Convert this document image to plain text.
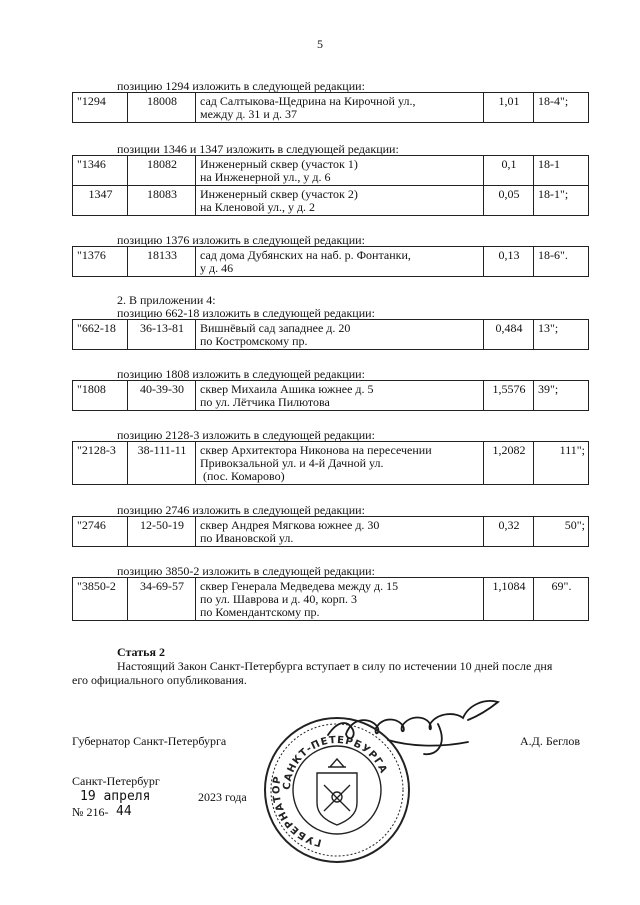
5
позицию 1294 изложить в следующей редакции:
"1294	18008	сад Салтыкова-Щедрина на Кирочной ул.,
между д. 31 и д. 37	1,01	18-4";
позиции 1346 и 1347 изложить в следующей редакции:
"1346	18082	Инженерный сквер (участок 1)
на Инженерной ул., у д. 6	0,1	18-1
1347	18083	Инженерный сквер (участок 2)
на Кленовой ул., у д. 2	0,05	18-1";
позицию 1376 изложить в следующей редакции:
"1376	18133	сад дома Дубянских на наб. р. Фонтанки,
у д. 46	0,13	18-6".
2. В приложении 4:
позицию 662-18 изложить в следующей редакции:
"662-18	36-13-81	Вишнёвый сад западнее д. 20
по Костромскому пр.	0,484	13";
позицию 1808 изложить в следующей редакции:
"1808	40-39-30	сквер Михаила Ашика южнее д. 5
по ул. Лётчика Пилютова	1,5576	39";
позицию 2128-3 изложить в следующей редакции:
"2128-3	38-111-11	сквер Архитектора Никонова на пересечении
Привокзальной ул. и 4-й Дачной ул.
(пос. Комарово)	1,2082	111";
позицию 2746 изложить в следующей редакции:
"2746	12-50-19	сквер Андрея Мягкова южнее д. 30
по Ивановской ул.	0,32	50";
позицию 3850-2 изложить в следующей редакции:
"3850-2	34-69-57	сквер Генерала Медведева между д. 15
по ул. Шаврова и д. 40, корп. 3
по Комендантскому пр.	1,1084	69".
Статья 2
Настоящий Закон Санкт-Петербурга вступает в силу по истечении 10 дней после дня
его официального опубликования.
Губернатор Санкт-Петербурга	А.Д. Беглов
Санкт-Петербург
19 апреля	2023 года
№ 216- 44
САНКТ-ПЕТЕРБУРГА
ГУБЕРНАТОР
